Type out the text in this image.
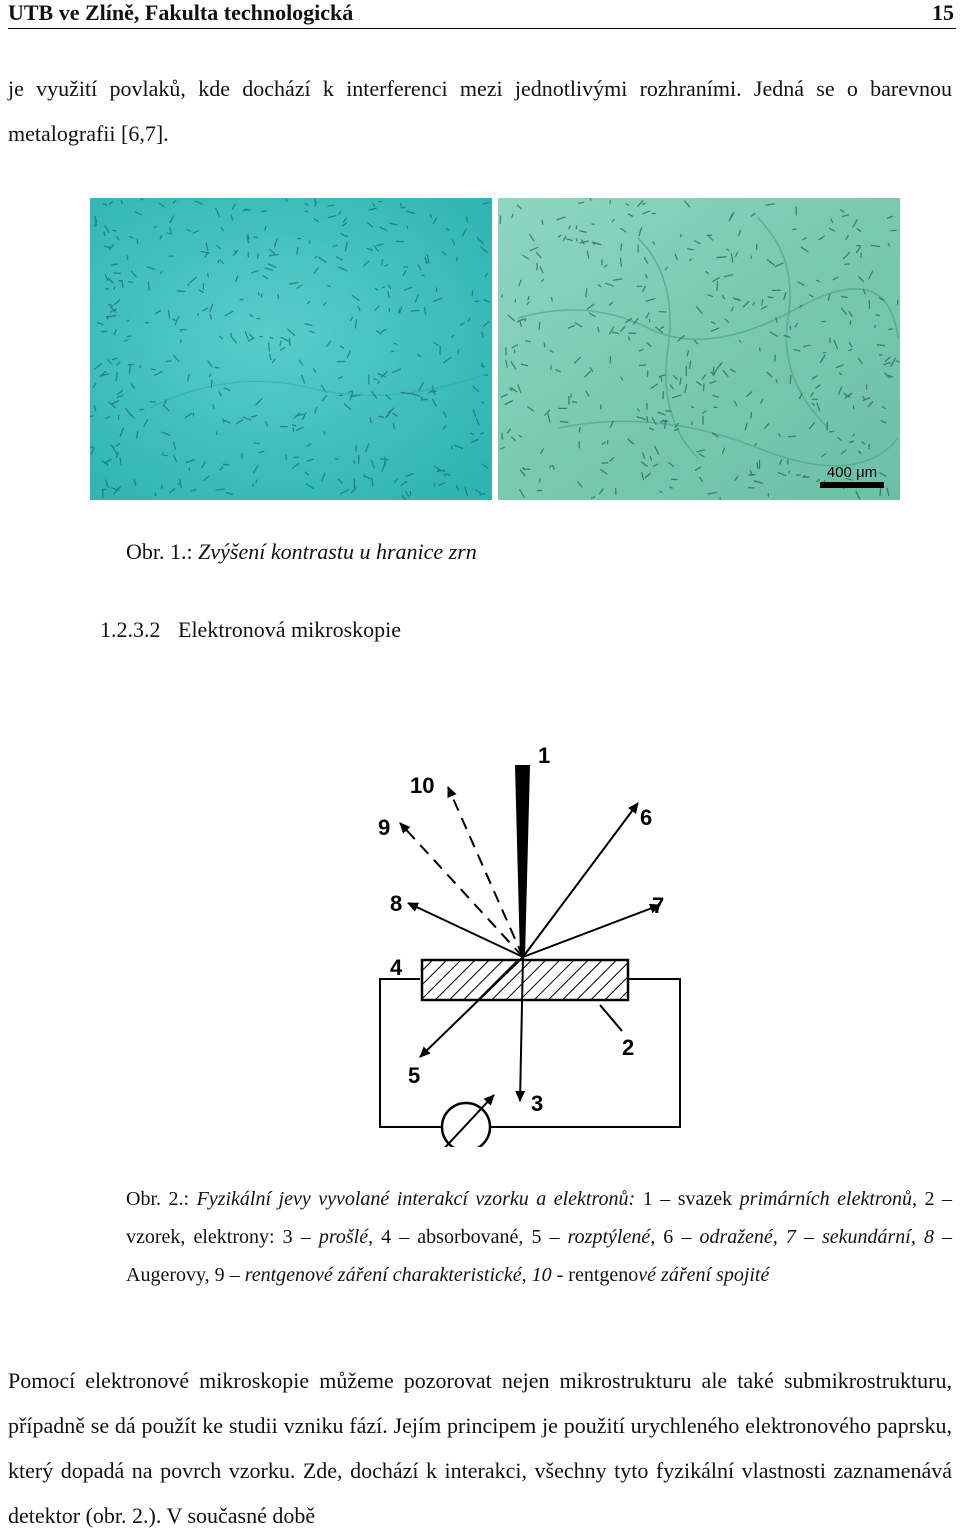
UTB ve Zlíně, Fakultа technologická	15

je využití povlaků, kde dochází k interferenci mezi jednotlivými rozhraními. Jedná se o barevnou metalografii [6,7].

400 μm

Obr. 1.: Zvýšení kontrastu u hranice zrn

1.2.3.2 Elektronová mikroskopie
1
2
3
4
5
6
7
8
9
10

Obr. 2.: Fyzikální jevy vyvolané interakcí vzorku a elektronů: 1 – svazek primárních elektronů, 2 – vzorek, elektrony: 3 – prošlé, 4 – absorbované, 5 – rozptýlené, 6 – odražené, 7 – sekundární, 8 – Augerovy, 9 – rentgenové záření charakteristické, 10 - rentgenové záření spojité

Pomocí elektronové mikroskopie můžeme pozorovat nejen mikrostrukturu ale také submikrostrukturu, případně se dá použít ke studii vzniku fází. Jejím principem je použití urychleného elektronového paprsku, který dopadá na povrch vzorku. Zde, dochází k interakci, všechny tyto fyzikální vlastnosti zaznamenává detektor (obr. 2.). V současné době
